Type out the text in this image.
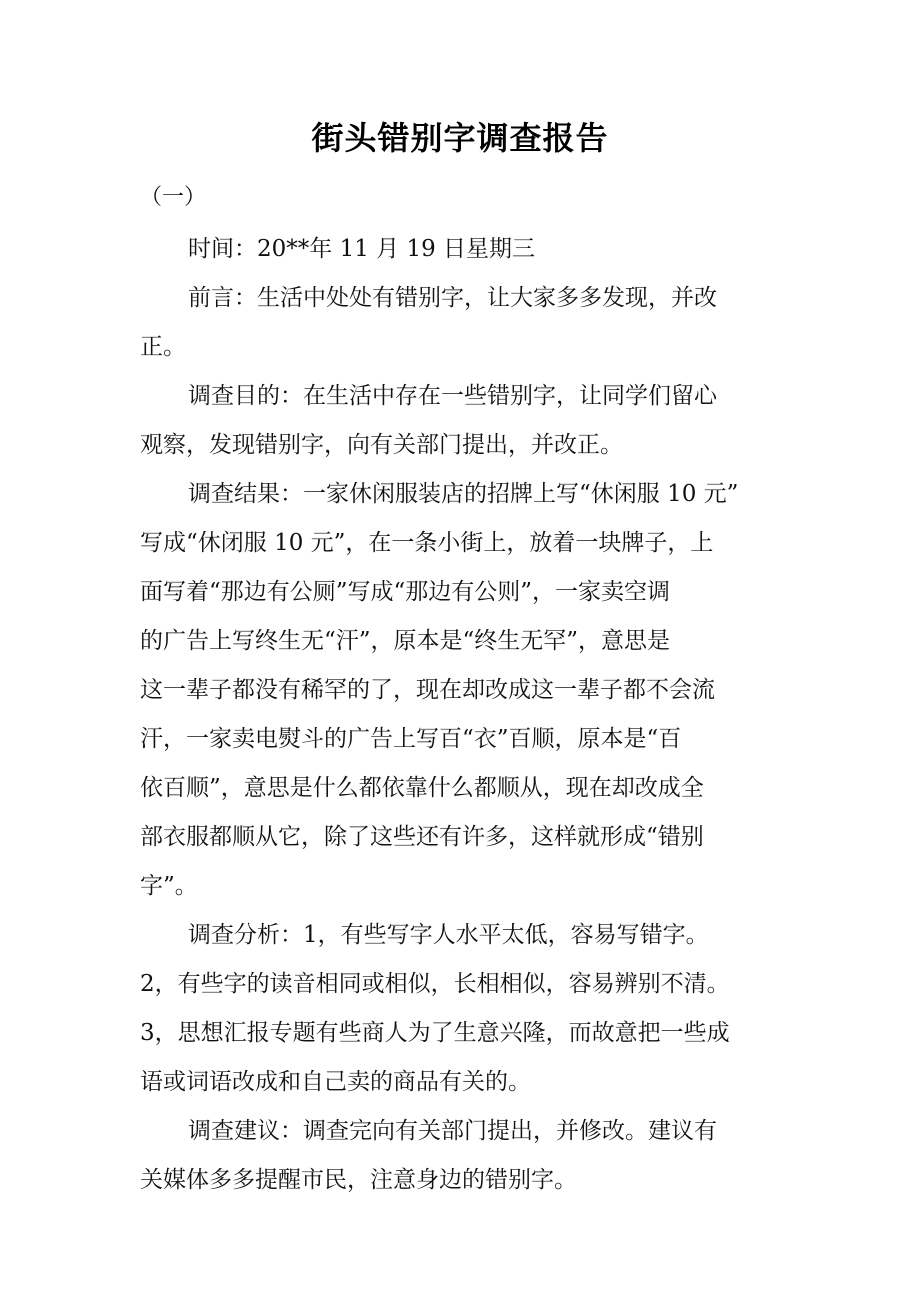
街头错别字调查报告
（一）
时间：20**年 11 月 19 日星期三
前言：生活中处处有错别字，让大家多多发现，并改
正。
调查目的：在生活中存在一些错别字，让同学们留心
观察，发现错别字，向有关部门提出，并改正。
调查结果：一家休闲服装店的招牌上写“休闲服 10 元”
写成“休闭服 10 元”，在一条小街上，放着一块牌子，上
面写着“那边有公厕”写成“那边有公则”，一家卖空调
的广告上写终生无“汗”，原本是“终生无罕”，意思是
这一辈子都没有稀罕的了，现在却改成这一辈子都不会流
汗，一家卖电熨斗的广告上写百“衣”百顺，原本是“百
依百顺”，意思是什么都依靠什么都顺从，现在却改成全
部衣服都顺从它，除了这些还有许多，这样就形成“错别
字”。
调查分析：1，有些写字人水平太低，容易写错字。
2，有些字的读音相同或相似，长相相似，容易辨别不清。
3，思想汇报专题有些商人为了生意兴隆，而故意把一些成
语或词语改成和自己卖的商品有关的。
调查建议：调查完向有关部门提出，并修改。建议有
关媒体多多提醒市民，注意身边的错别字。
